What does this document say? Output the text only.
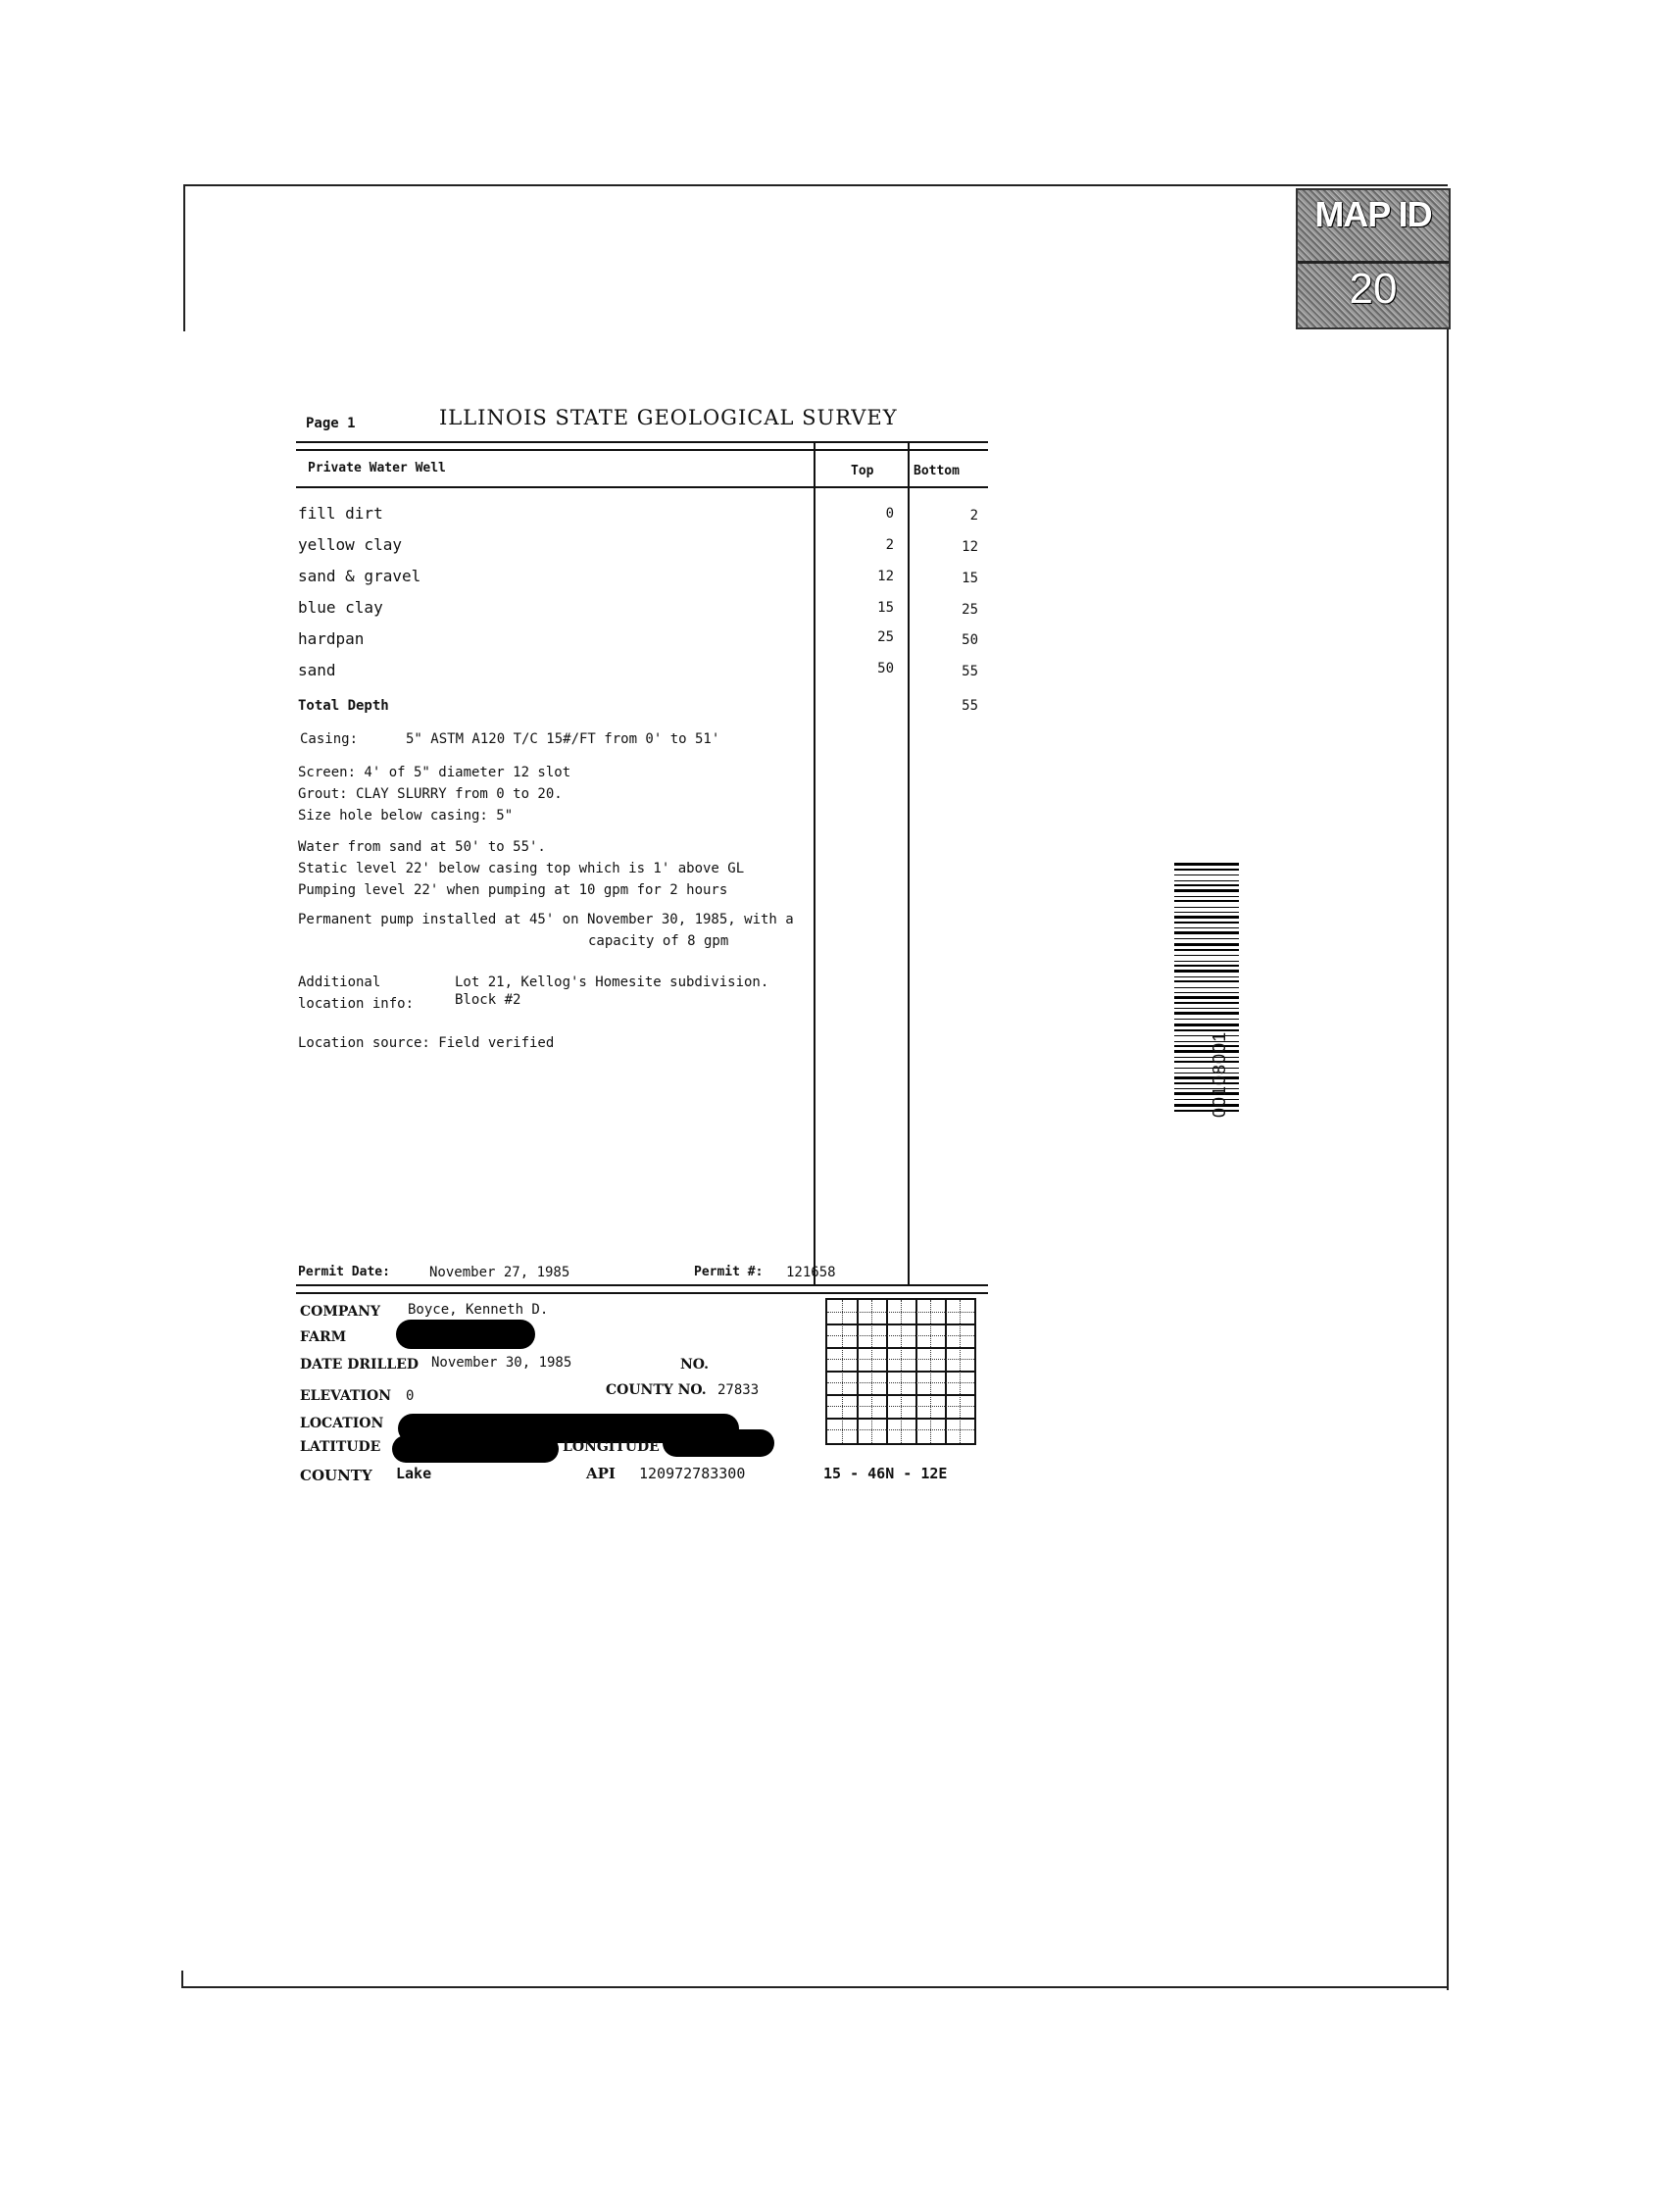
MAP ID
20
Page 1	ILLINOIS STATE GEOLOGICAL SURVEY
Private Water Well	Top	Bottom
fill dirt	0	2
yellow clay	2	12
sand & gravel	12	15
blue clay	15	25
hardpan	25	50
sand	50	55
Total Depth	55
Casing:	5" ASTM A120 T/C 15#/FT from 0' to 51'
Screen: 4' of 5" diameter 12 slot
Grout: CLAY SLURRY from 0 to 20.
Size hole below casing: 5"
Water from sand at 50' to 55'.
Static level 22' below casing top which is 1' above GL
Pumping level 22' when pumping at 10 gpm for 2 hours
Permanent pump installed at 45' on November 30, 1985, with a
capacity of 8 gpm
Additional
location info:
Lot 21, Kellog's Homesite subdivision.
Block #2
Location source: Field verified
Permit Date:	November 27, 1985	Permit #: 121658
COMPANY Boyce, Kenneth D.
FARM
DATE DRILLED November 30, 1985	NO.
ELEVATION 0	COUNTY NO. 27833
LOCATION
LATITUDE	LONGITUDE
COUNTY Lake	API 120972783300	15 - 46N - 12E
00108001
